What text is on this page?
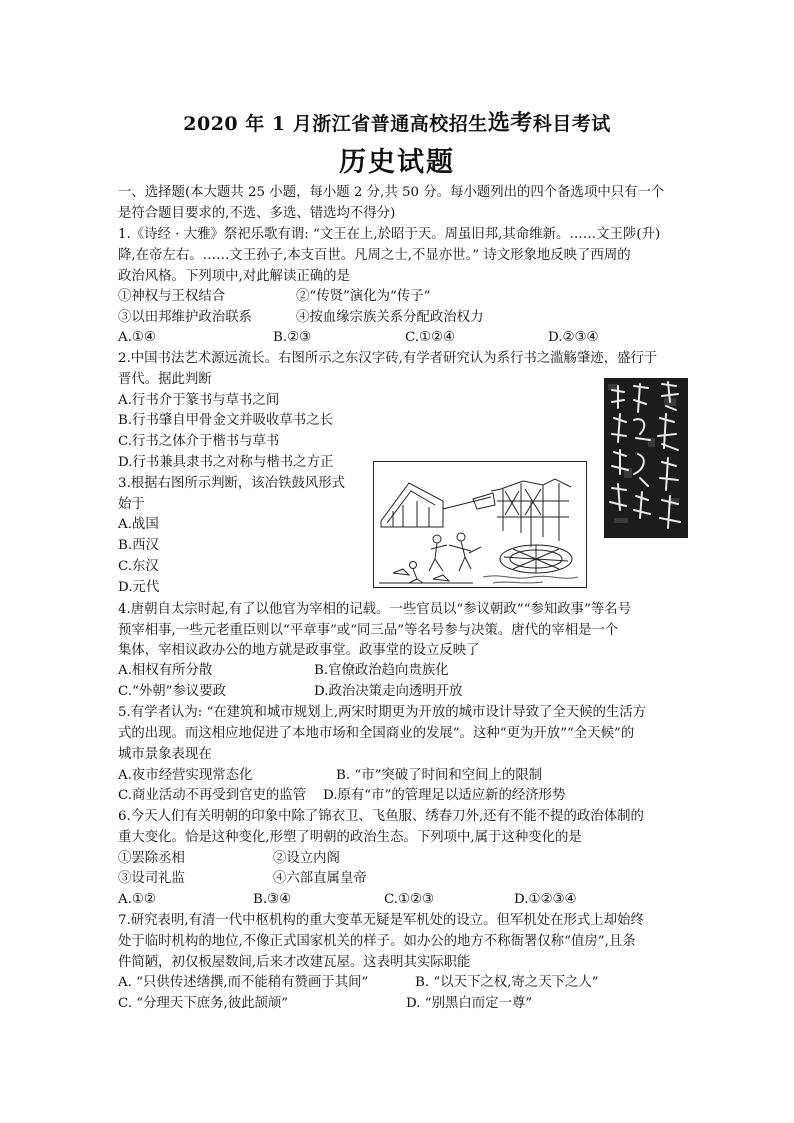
2020 年 1 月浙江省普通高校招生选考科目考试
历史试题
一、选择题(本大题共 25 小题，每小题 2 分,共 50 分。每小题列出的四个备选项中只有一个
是符合题目要求的,不选、多选、错选均不得分)
1.《诗经 · 大雅》祭祀乐歌有谓: “文王在上,於昭于天。周虽旧邦,其命维新。……文王陟(升)
降,在帝左右。……文王孙子,本支百世。凡周之士,不显亦世。” 诗文形象地反映了西周的
政治风格。下列项中,对此解读正确的是
①神权与王权结合	②“传贤”演化为“传子”
③以田邦维护政治联系	④按血缘宗族关系分配政治权力
A.①④	B.②③	C.①②④	D.②③④
2.中国书法艺术源远流长。右图所示之东汉字砖,有学者研究认为系行书之滥觞肇迹，盛行于
晋代。据此判断
A.行书介于篆书与草书之间
B.行书肇自甲骨金文并吸收草书之长
C.行书之体介于楷书与草书
D.行书兼具隶书之对称与楷书之方正
3.根据右图所示判断，该冶铁鼓风形式
始于
A.战国
B.西汉
C.东汉
D.元代
4.唐朝自太宗时起,有了以他官为宰相的记载。一些官员以“参议朝政”“参知政事”等名号
预宰相事,一些元老重臣则以“平章事”或“同三品”等名号参与决策。唐代的宰相是一个
集体，宰相议政办公的地方就是政事堂。政事堂的设立反映了
A.相权有所分散	B.官僚政治趋向贵族化
C.“外朝”参议要政	D.政治决策走向透明开放
5.有学者认为: “在建筑和城市规划上,两宋时期更为开放的城市设计导致了全天候的生活方
式的出现。而这相应地促进了本地市场和全国商业的发展”。这种“更为开放”“全天候”的
城市景象表现在
A.夜市经营实现常态化	B. “市”突破了时间和空间上的限制
C.商业活动不再受到官吏的监管 D.原有“市”的管理足以适应新的经济形势
6.今天人们有关明朝的印象中除了锦衣卫、飞鱼服、绣春刀外,还有不能不提的政治体制的
重大变化。恰是这种变化,形塑了明朝的政治生态。下列项中,属于这种变化的是
①罢除丞相	②设立内阁
③设司礼监	④六部直属皇帝
A.①②	B.③④	C.①②③	D.①②③④
7.研究表明,有清一代中枢机构的重大变革无疑是军机处的设立。但军机处在形式上却始终
处于临时机构的地位,不像正式国家机关的样子。如办公的地方不称衙署仅称“值房”,且条
件简陋，初仅板屋数间,后来才改建瓦屋。这表明其实际职能
A. “只供传述缮撰,而不能稍有赞画于其间”	B. “以天下之权,寄之天下之人”
C. “分理天下庶务,彼此颉颃”	D. “别黑白而定一尊”
